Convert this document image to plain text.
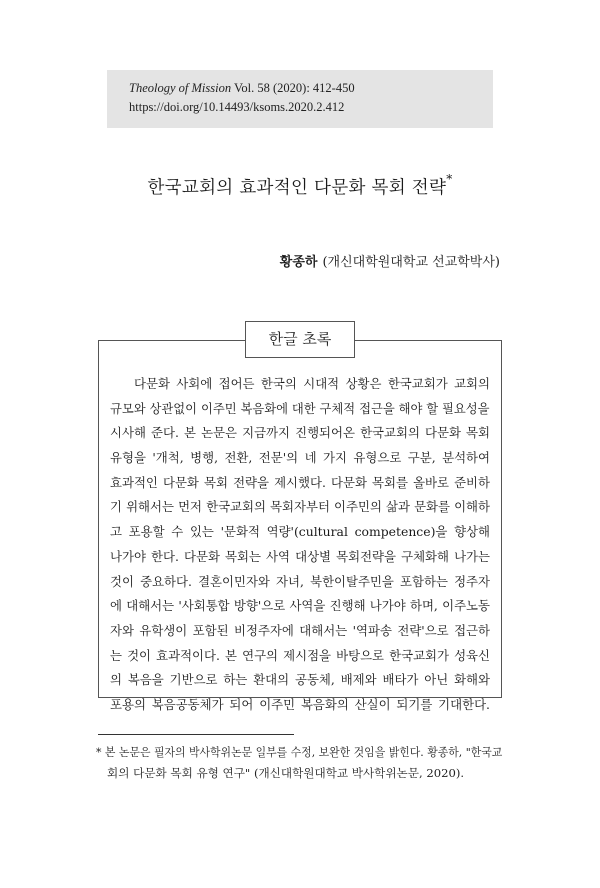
Theology of Mission Vol. 58 (2020): 412-450
https://doi.org/10.14493/ksoms.2020.2.412
한국교회의 효과적인 다문화 목회 전략*
황종하 (개신대학원대학교 선교학박사)
한글 초록
다문화 사회에 접어든 한국의 시대적 상황은 한국교회가 교회의
규모와 상관없이 이주민 복음화에 대한 구체적 접근을 해야 할 필요성을
시사해 준다. 본 논문은 지금까지 진행되어온 한국교회의 다문화 목회
유형을 '개척, 병행, 전환, 전문'의 네 가지 유형으로 구분, 분석하여
효과적인 다문화 목회 전략을 제시했다. 다문화 목회를 올바로 준비하
기 위해서는 먼저 한국교회의 목회자부터 이주민의 삶과 문화를 이해하
고 포용할 수 있는 '문화적 역량'(cultural competence)을 향상해
나가야 한다. 다문화 목회는 사역 대상별 목회전략을 구체화해 나가는
것이 중요하다. 결혼이민자와 자녀, 북한이탈주민을 포함하는 정주자
에 대해서는 '사회통합 방향'으로 사역을 진행해 나가야 하며, 이주노동
자와 유학생이 포함된 비정주자에 대해서는 '역파송 전략'으로 접근하
는 것이 효과적이다. 본 연구의 제시점을 바탕으로 한국교회가 성육신
의 복음을 기반으로 하는 환대의 공동체, 배제와 배타가 아닌 화해와
포용의 복음공동체가 되어 이주민 복음화의 산실이 되기를 기대한다.
* 본 논문은 필자의 박사학위논문 일부를 수정, 보완한 것임을 밝힌다. 황종하, "한국교
회의 다문화 목회 유형 연구" (개신대학원대학교 박사학위논문, 2020).
